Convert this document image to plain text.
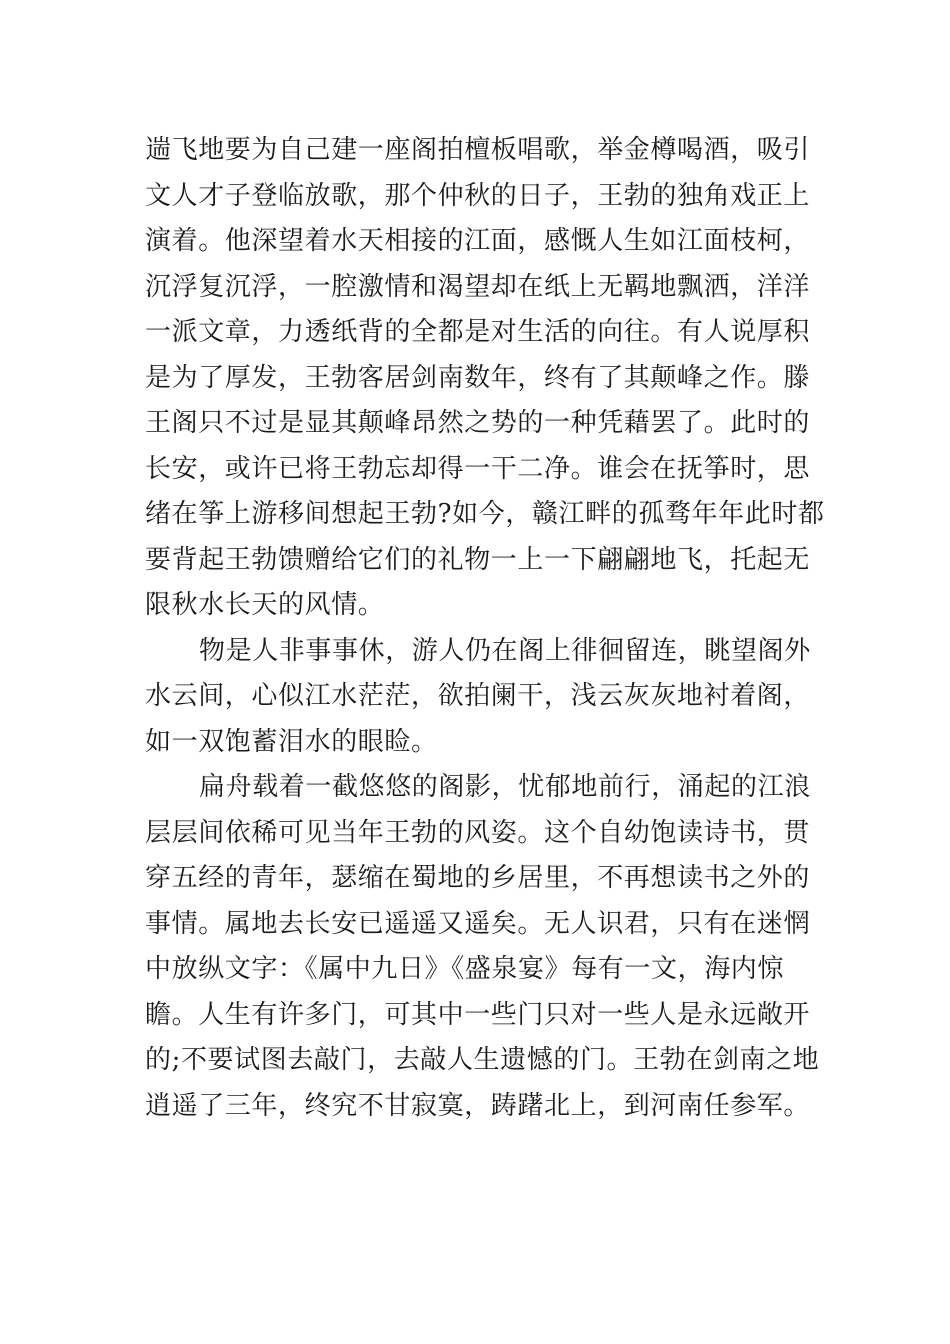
遄飞地要为自己建一座阁拍檀板唱歌，举金樽喝酒，吸引
文人才子登临放歌，那个仲秋的日子，王勃的独角戏正上
演着。他深望着水天相接的江面，感慨人生如江面枝柯，
沉浮复沉浮，一腔激情和渴望却在纸上无羁地飘洒，洋洋
一派文章，力透纸背的全都是对生活的向往。有人说厚积
是为了厚发，王勃客居剑南数年，终有了其颠峰之作。滕
王阁只不过是显其颠峰昂然之势的一种凭藉罢了。此时的
长安，或许已将王勃忘却得一干二净。谁会在抚筝时，思
绪在筝上游移间想起王勃?如今，赣江畔的孤骛年年此时都
要背起王勃馈赠给它们的礼物一上一下翩翩地飞，托起无
限秋水长天的风情。
物是人非事事休，游人仍在阁上徘徊留连，眺望阁外
水云间，心似江水茫茫，欲拍阑干，浅云灰灰地衬着阁，
如一双饱蓄泪水的眼睑。
扁舟载着一截悠悠的阁影，忧郁地前行，涌起的江浪
层层间依稀可见当年王勃的风姿。这个自幼饱读诗书，贯
穿五经的青年，瑟缩在蜀地的乡居里，不再想读书之外的
事情。属地去长安已遥遥又遥矣。无人识君，只有在迷惘
中放纵文字：《属中九日》《盛泉宴》每有一文，海内惊
瞻。人生有许多门，可其中一些门只对一些人是永远敞开
的;不要试图去敲门，去敲人生遗憾的门。王勃在剑南之地
逍遥了三年，终究不甘寂寞，踌躇北上，到河南任参军。
